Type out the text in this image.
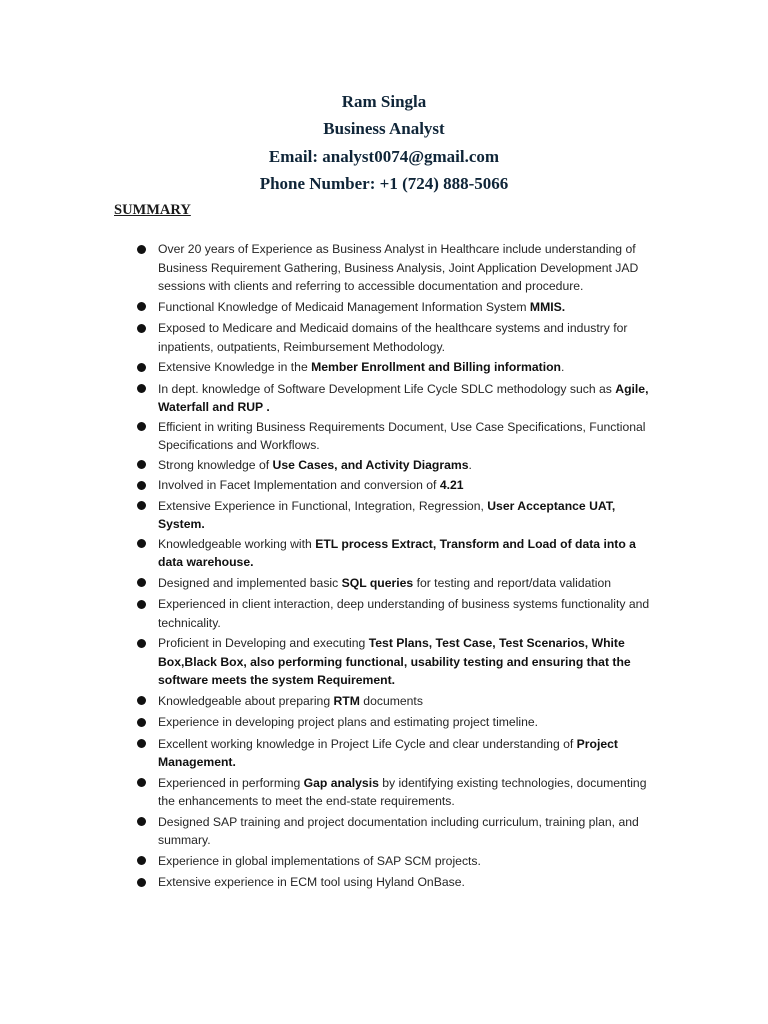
Ram Singla
Business Analyst
Email: analyst0074@gmail.com
Phone Number: +1 (724) 888-5066
SUMMARY
Over 20 years of Experience as Business Analyst in Healthcare include understanding of Business Requirement Gathering, Business Analysis, Joint Application Development JAD sessions with clients and referring to accessible documentation and procedure.
Functional Knowledge of Medicaid Management Information System MMIS.
Exposed to Medicare and Medicaid domains of the healthcare systems and industry for inpatients, outpatients, Reimbursement Methodology.
Extensive Knowledge in the Member Enrollment and Billing information.
In dept. knowledge of Software Development Life Cycle SDLC methodology such as Agile, Waterfall and RUP .
Efficient in writing Business Requirements Document, Use Case Specifications, Functional Specifications and Workflows.
Strong knowledge of Use Cases, and Activity Diagrams.
Involved in Facet Implementation and conversion of 4.21
Extensive Experience in Functional, Integration, Regression, User Acceptance UAT, System.
Knowledgeable working with ETL process Extract, Transform and Load of data into a data warehouse.
Designed and implemented basic SQL queries for testing and report/data validation
Experienced in client interaction, deep understanding of business systems functionality and technicality.
Proficient in Developing and executing Test Plans, Test Case, Test Scenarios, White Box,Black Box, also performing functional, usability testing and ensuring that the software meets the system Requirement.
Knowledgeable about preparing RTM documents
Experience in developing project plans and estimating project timeline.
Excellent working knowledge in Project Life Cycle and clear understanding of Project Management.
Experienced in performing Gap analysis by identifying existing technologies, documenting the enhancements to meet the end-state requirements.
Designed SAP training and project documentation including curriculum, training plan, and summary.
Experience in global implementations of SAP SCM projects.
Extensive experience in ECM tool using Hyland OnBase.
